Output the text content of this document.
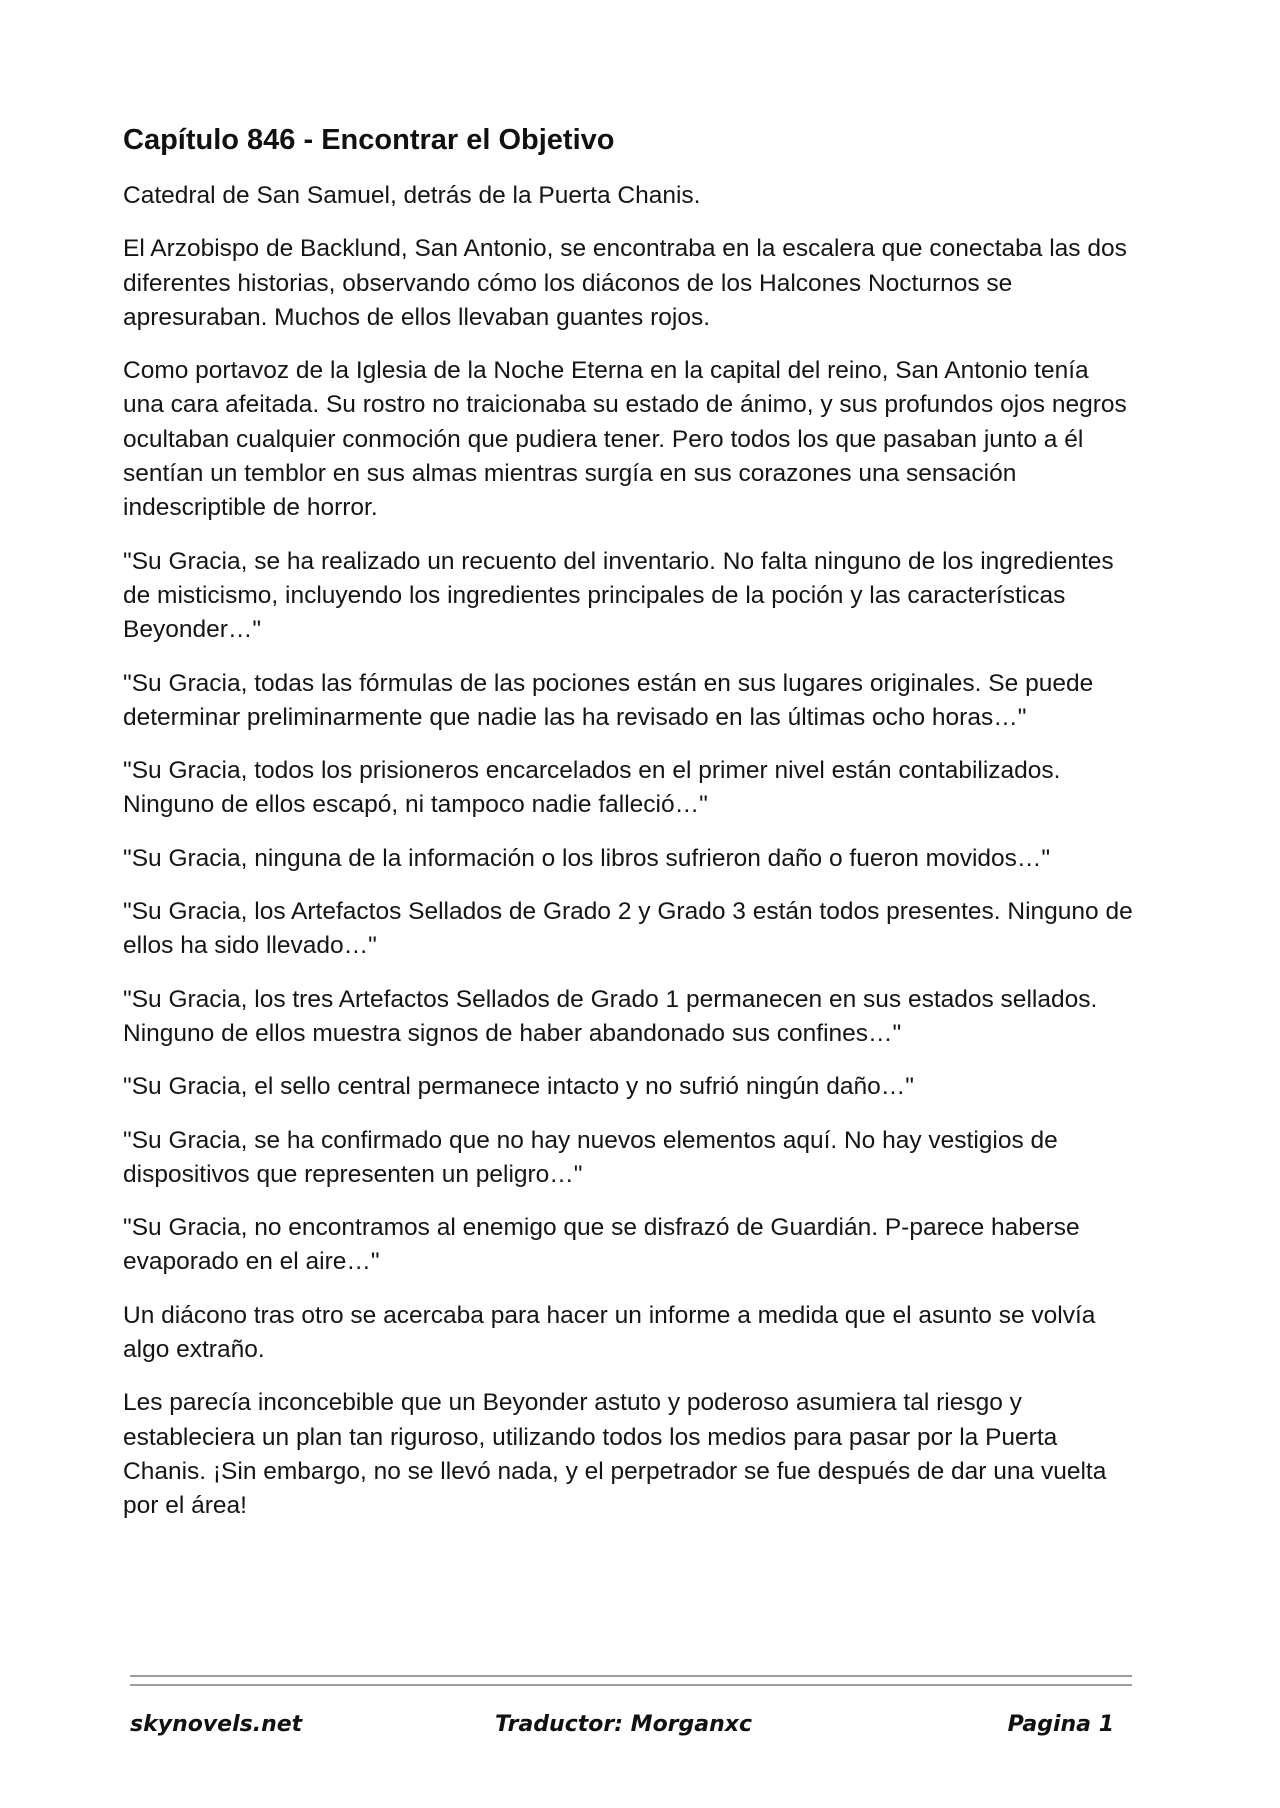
Capítulo 846 - Encontrar el Objetivo

Catedral de San Samuel, detrás de la Puerta Chanis.

El Arzobispo de Backlund, San Antonio, se encontraba en la escalera que conectaba las dos diferentes historias, observando cómo los diáconos de los Halcones Nocturnos se apresuraban. Muchos de ellos llevaban guantes rojos.

Como portavoz de la Iglesia de la Noche Eterna en la capital del reino, San Antonio tenía una cara afeitada. Su rostro no traicionaba su estado de ánimo, y sus profundos ojos negros ocultaban cualquier conmoción que pudiera tener. Pero todos los que pasaban junto a él sentían un temblor en sus almas mientras surgía en sus corazones una sensación indescriptible de horror.

"Su Gracia, se ha realizado un recuento del inventario. No falta ninguno de los ingredientes de misticismo, incluyendo los ingredientes principales de la poción y las características Beyonder…"

"Su Gracia, todas las fórmulas de las pociones están en sus lugares originales. Se puede determinar preliminarmente que nadie las ha revisado en las últimas ocho horas…"

"Su Gracia, todos los prisioneros encarcelados en el primer nivel están contabilizados. Ninguno de ellos escapó, ni tampoco nadie falleció…"

"Su Gracia, ninguna de la información o los libros sufrieron daño o fueron movidos…"

"Su Gracia, los Artefactos Sellados de Grado 2 y Grado 3 están todos presentes. Ninguno de ellos ha sido llevado…"

"Su Gracia, los tres Artefactos Sellados de Grado 1 permanecen en sus estados sellados. Ninguno de ellos muestra signos de haber abandonado sus confines…"

"Su Gracia, el sello central permanece intacto y no sufrió ningún daño…"

"Su Gracia, se ha confirmado que no hay nuevos elementos aquí. No hay vestigios de dispositivos que representen un peligro…"

"Su Gracia, no encontramos al enemigo que se disfrazó de Guardián. P-parece haberse evaporado en el aire…"

Un diácono tras otro se acercaba para hacer un informe a medida que el asunto se volvía algo extraño.

Les parecía inconcebible que un Beyonder astuto y poderoso asumiera tal riesgo y estableciera un plan tan riguroso, utilizando todos los medios para pasar por la Puerta Chanis. ¡Sin embargo, no se llevó nada, y el perpetrador se fue después de dar una vuelta por el área!

skynovels.net	Traductor: Morganxc	Pagina 1
